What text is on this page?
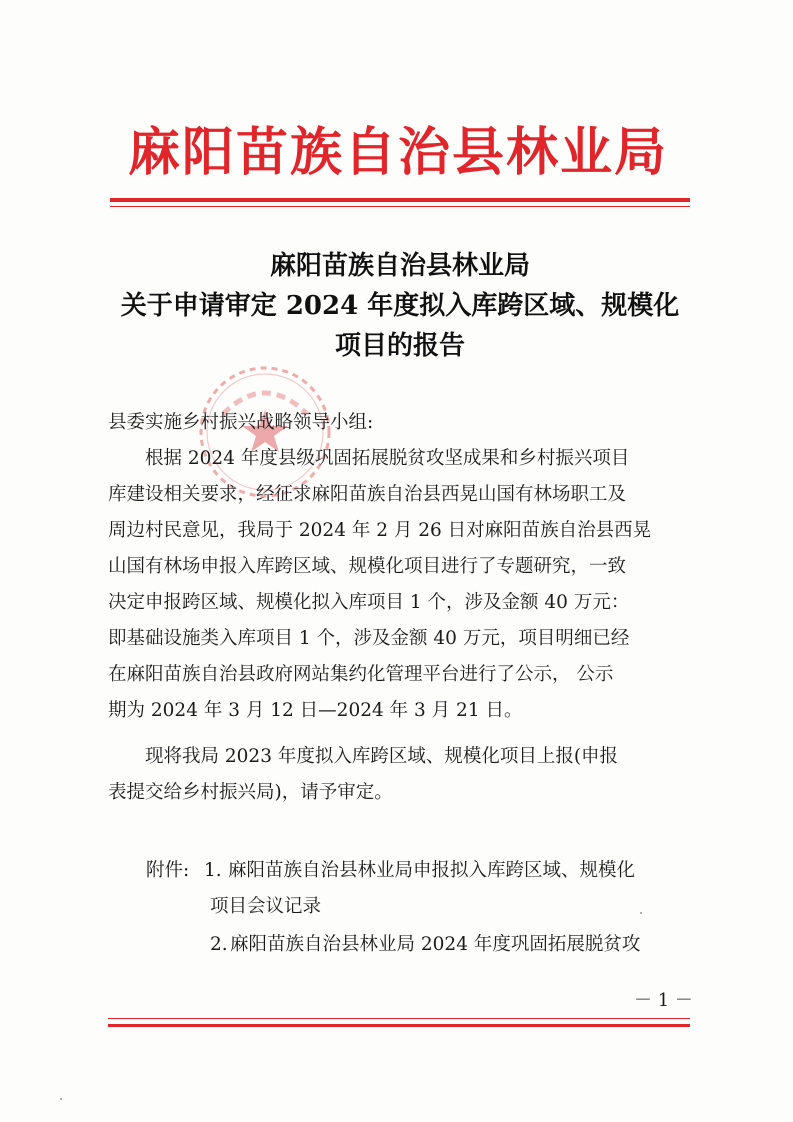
麻阳苗族自治县林业局
麻阳苗族自治县林业局
关于申请审定 2024 年度拟入库跨区域、规模化
项目的报告
县委实施乡村振兴战略领导小组:
　　根据 2024 年度县级巩固拓展脱贫攻坚成果和乡村振兴项目
库建设相关要求，经征求麻阳苗族自治县西晃山国有林场职工及
周边村民意见，我局于 2024 年 2 月 26 日对麻阳苗族自治县西晃
山国有林场申报入库跨区域、规模化项目进行了专题研究，一致
决定申报跨区域、规模化拟入库项目 1 个，涉及金额 40 万元：
即基础设施类入库项目 1 个，涉及金额 40 万元，项目明细已经
在麻阳苗族自治县政府网站集约化管理平台进行了公示， 公示
期为 2024 年 3 月 12 日—2024 年 3 月 21 日。
　　现将我局 2023 年度拟入库跨区域、规模化项目上报(申报
表提交给乡村振兴局)，请予审定。
附件: 1. 麻阳苗族自治县林业局申报拟入库跨区域、规模化
项目会议记录
2. 麻阳苗族自治县林业局 2024 年度巩固拓展脱贫攻
－ 1 －
